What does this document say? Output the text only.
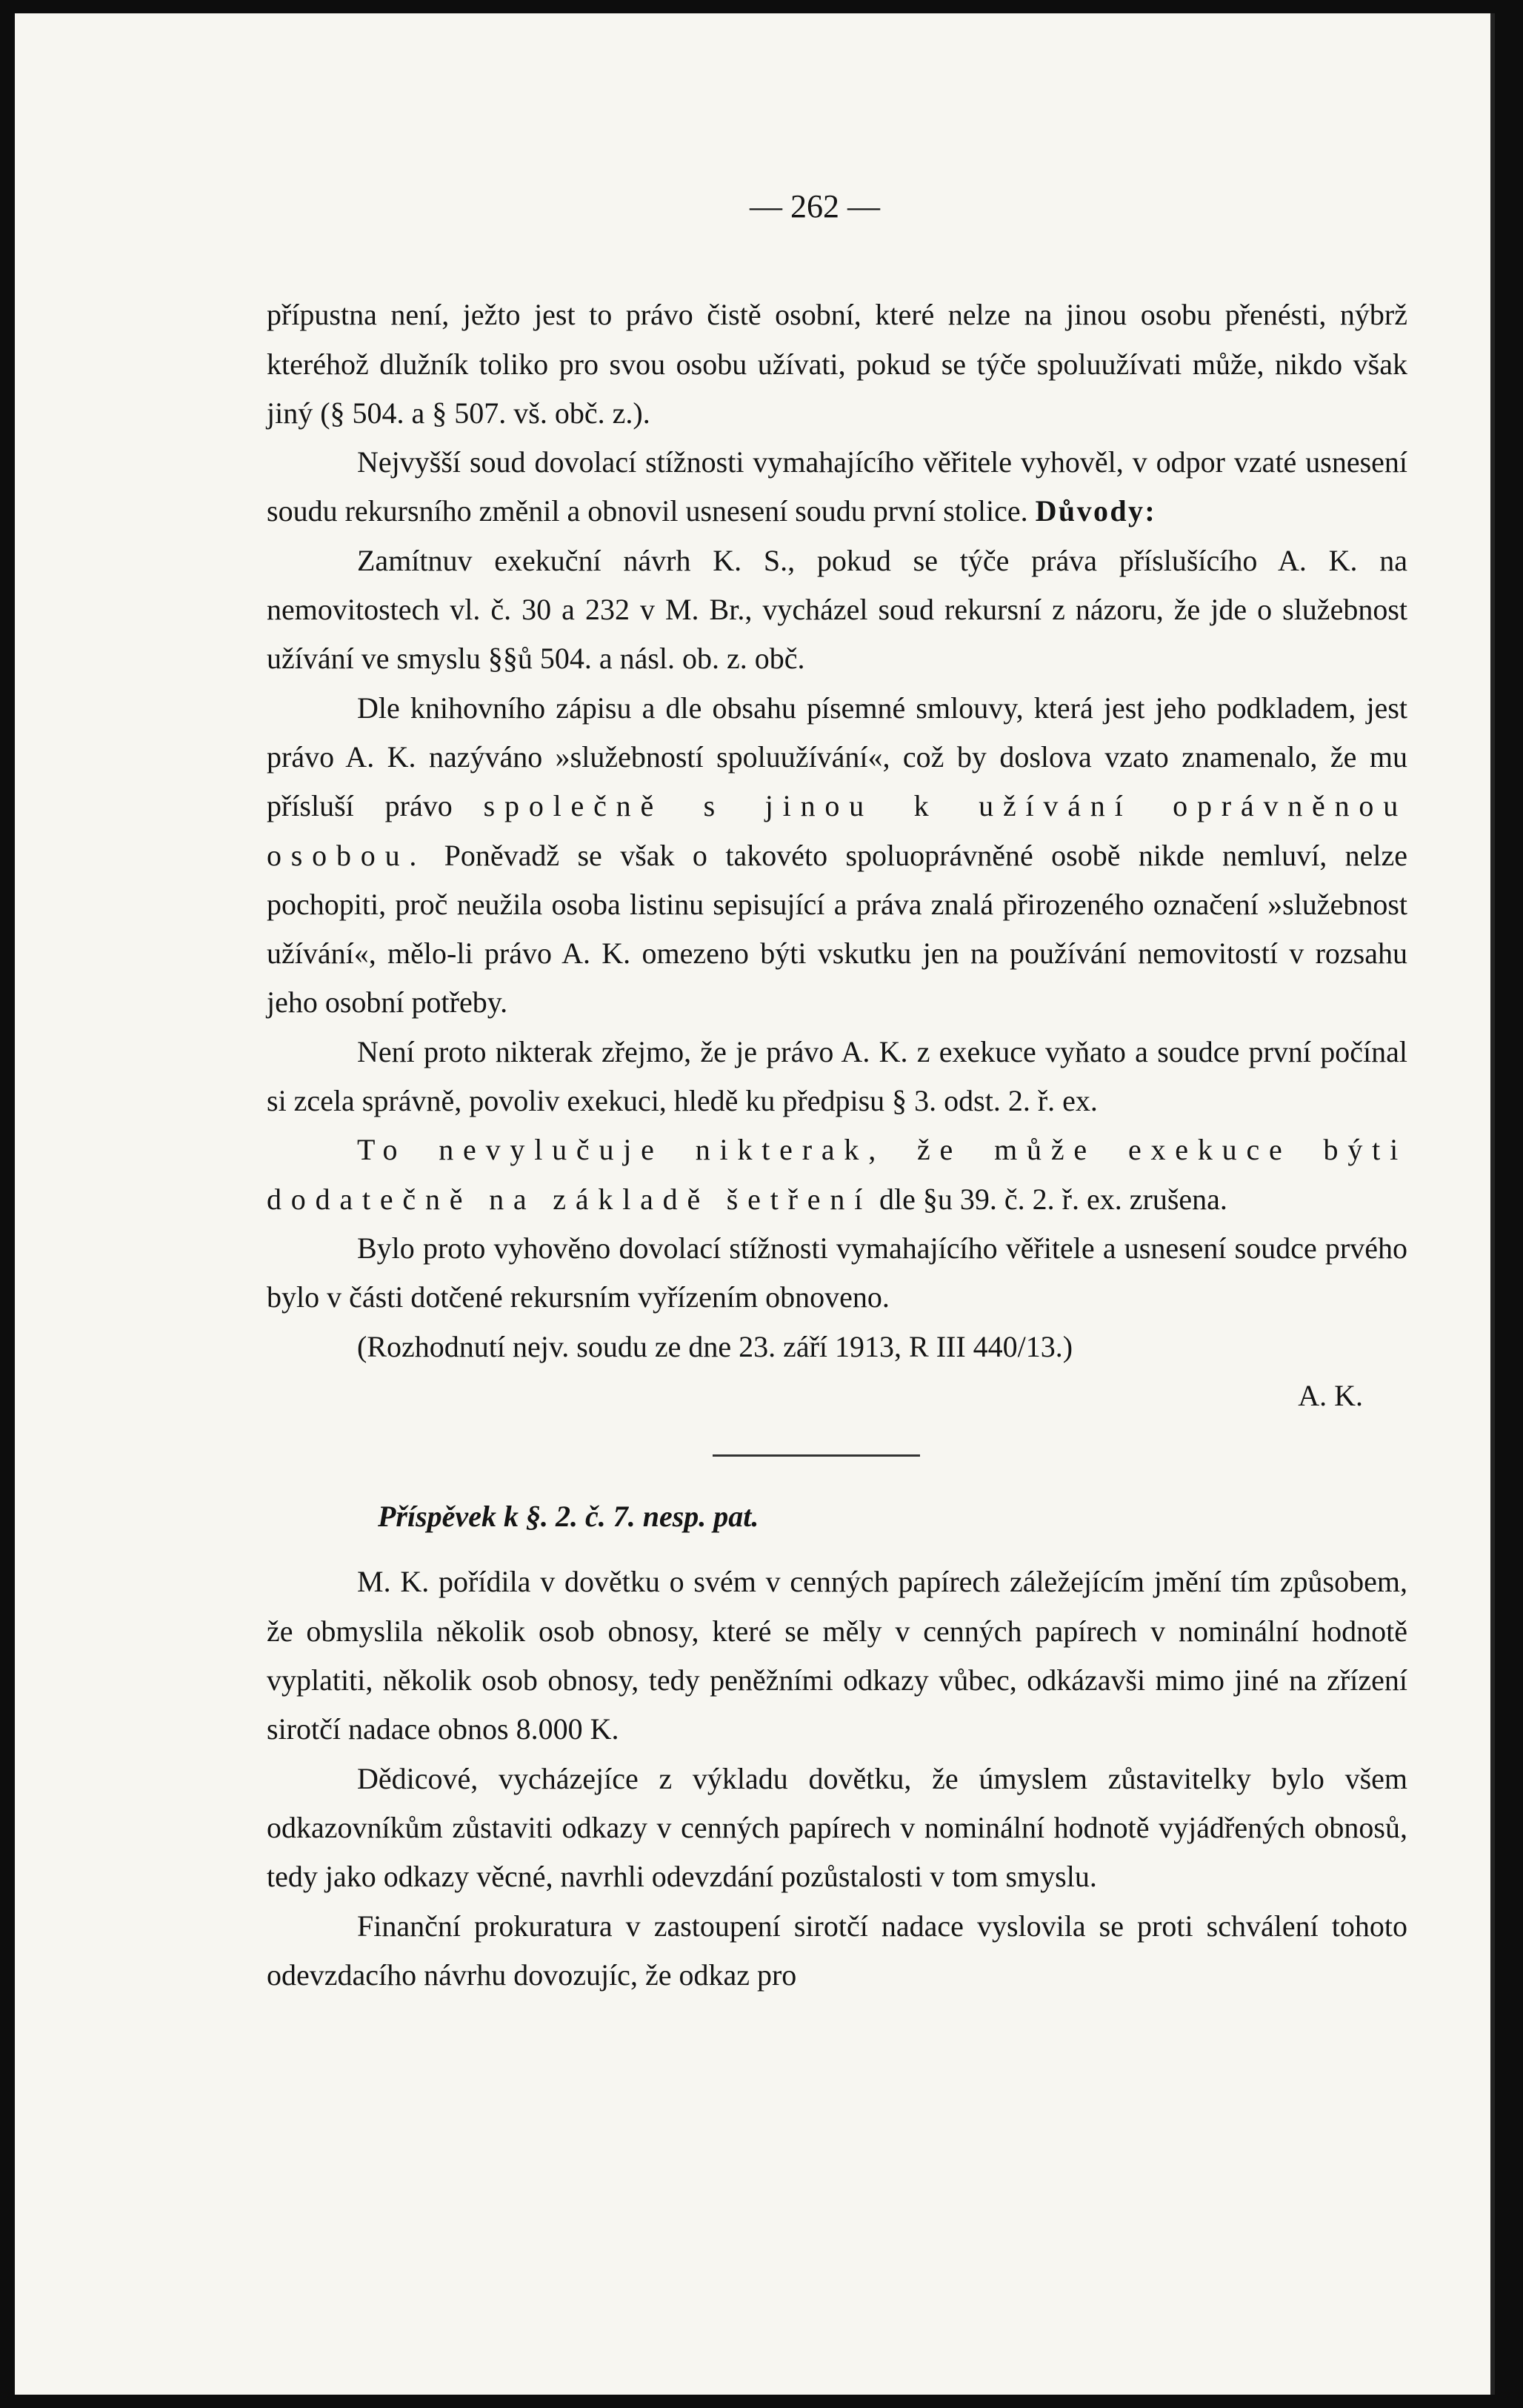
— 262 —

přípustna není, ježto jest to právo čistě osobní, které nelze na jinou osobu přenésti, nýbrž kteréhož dlužník toliko pro svou osobu užívati, pokud se týče spoluužívati může, nikdo však jiný (§ 504. a § 507. vš. obč. z.).

Nejvyšší soud dovolací stížnosti vymahajícího věřitele vyhověl, v odpor vzaté usnesení soudu rekursního změnil a obnovil usnesení soudu první stolice. Důvody:

Zamítnuv exekuční návrh K. S., pokud se týče práva příslušícího A. K. na nemovitostech vl. č. 30 a 232 v M. Br., vycházel soud rekursní z názoru, že jde o služebnost užívání ve smyslu §§ů 504. a násl. ob. z. obč.

Dle knihovního zápisu a dle obsahu písemné smlouvy, která jest jeho podkladem, jest právo A. K. nazýváno »služebností spoluužívání«, což by doslova vzato znamenalo, že mu přísluší právo společně s jinou k užívání oprávněnou osobou. Poněvadž se však o takovéto spoluoprávněné osobě nikde nemluví, nelze pochopiti, proč neužila osoba listinu sepisující a práva znalá přirozeného označení »služebnost užívání«, mělo-li právo A. K. omezeno býti vskutku jen na používání nemovitostí v rozsahu jeho osobní potřeby.

Není proto nikterak zřejmo, že je právo A. K. z exekuce vyňato a soudce první počínal si zcela správně, povoliv exekuci, hledě ku předpisu § 3. odst. 2. ř. ex.

To nevylučuje nikterak, že může exekuce býti dodatečně na základě šetření dle §u 39. č. 2. ř. ex. zrušena.

Bylo proto vyhověno dovolací stížnosti vymahajícího věřitele a usnesení soudce prvého bylo v části dotčené rekursním vyřízením obnoveno.

(Rozhodnutí nejv. soudu ze dne 23. září 1913, R III 440/13.)

A. K.
Příspěvek k §. 2. č. 7. nesp. pat.

M. K. pořídila v dovětku o svém v cenných papírech záležejícím jmění tím způsobem, že obmyslila několik osob obnosy, které se měly v cenných papírech v nominální hodnotě vyplatiti, několik osob obnosy, tedy peněžními odkazy vůbec, odkázavši mimo jiné na zřízení sirotčí nadace obnos 8.000 K.

Dědicové, vycházejíce z výkladu dovětku, že úmyslem zůstavitelky bylo všem odkazovníkům zůstaviti odkazy v cenných papírech v nominální hodnotě vyjádřených obnosů, tedy jako odkazy věcné, navrhli odevzdání pozůstalosti v tom smyslu.

Finanční prokuratura v zastoupení sirotčí nadace vyslovila se proti schválení tohoto odevzdacího návrhu dovozujíc, že odkaz pro
